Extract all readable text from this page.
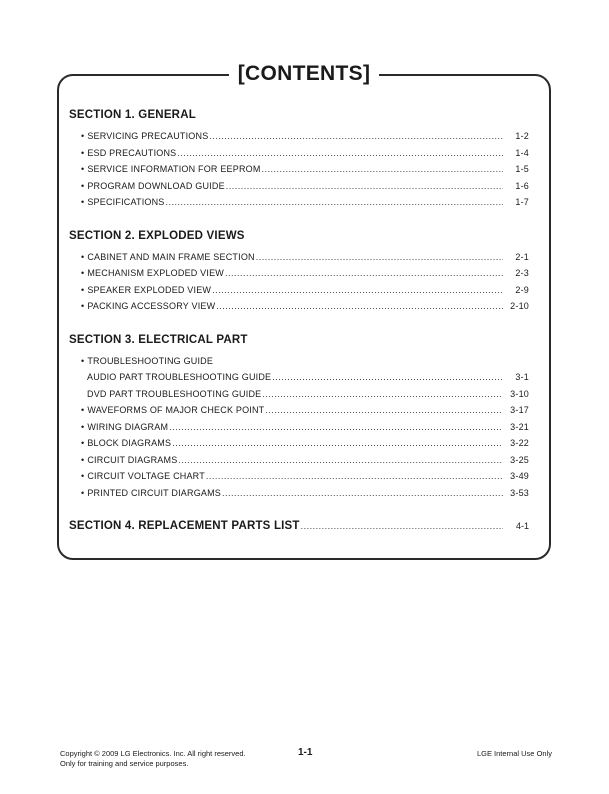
[CONTENTS]
SECTION 1. GENERAL
• SERVICING PRECAUTIONS .....	1-2
• ESD PRECAUTIONS .....	1-4
• SERVICE INFORMATION FOR EEPROM .....	1-5
• PROGRAM DOWNLOAD GUIDE .....	1-6
• SPECIFICATIONS .....	1-7
SECTION 2. EXPLODED VIEWS
• CABINET AND MAIN FRAME SECTION .....	2-1
• MECHANISM EXPLODED VIEW .....	2-3
• SPEAKER EXPLODED VIEW .....	2-9
• PACKING ACCESSORY VIEW .....	2-10
SECTION 3. ELECTRICAL PART
• TROUBLESHOOTING GUIDE
AUDIO PART TROUBLESHOOTING GUIDE .....	3-1
DVD PART TROUBLESHOOTING GUIDE .....	3-10
• WAVEFORMS OF MAJOR CHECK POINT .....	3-17
• WIRING DIAGRAM .....	3-21
• BLOCK DIAGRAMS .....	3-22
• CIRCUIT DIAGRAMS .....	3-25
• CIRCUIT VOLTAGE CHART .....	3-49
• PRINTED CIRCUIT DIARGAMS .....	3-53
SECTION 4. REPLACEMENT PARTS LIST .....	4-1
Copyright © 2009 LG Electronics. Inc. All right reserved.
Only for training and service purposes.
1-1	LGE Internal Use Only
